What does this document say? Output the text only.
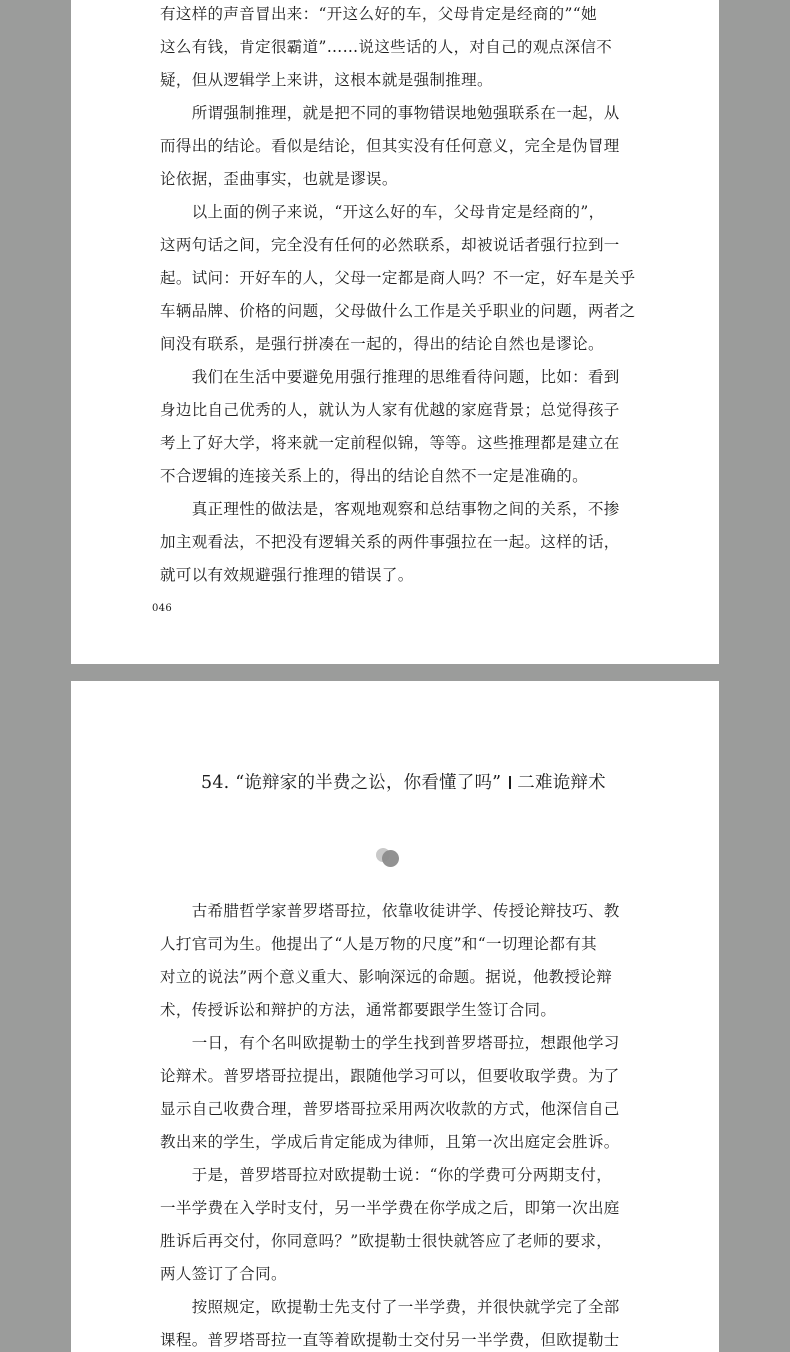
有这样的声音冒出来：“开这么好的车，父母肯定是经商的”“她
这么有钱，肯定很霸道”……说这些话的人，对自己的观点深信不
疑，但从逻辑学上来讲，这根本就是强制推理。
　　所谓强制推理，就是把不同的事物错误地勉强联系在一起，从
而得出的结论。看似是结论，但其实没有任何意义，完全是伪冒理
论依据，歪曲事实，也就是谬误。
　　以上面的例子来说，“开这么好的车，父母肯定是经商的”，
这两句话之间，完全没有任何的必然联系，却被说话者强行拉到一
起。试问：开好车的人，父母一定都是商人吗？不一定，好车是关乎
车辆品牌、价格的问题，父母做什么工作是关乎职业的问题，两者之
间没有联系，是强行拼凑在一起的，得出的结论自然也是谬论。
　　我们在生活中要避免用强行推理的思维看待问题，比如：看到
身边比自己优秀的人，就认为人家有优越的家庭背景；总觉得孩子
考上了好大学，将来就一定前程似锦，等等。这些推理都是建立在
不合逻辑的连接关系上的，得出的结论自然不一定是准确的。
　　真正理性的做法是，客观地观察和总结事物之间的关系，不掺
加主观看法，不把没有逻辑关系的两件事强拉在一起。这样的话，
就可以有效规避强行推理的错误了。
046
54. “诡辩家的半费之讼，你看懂了吗” 二难诡辩术
　　古希腊哲学家普罗塔哥拉，依靠收徒讲学、传授论辩技巧、教
人打官司为生。他提出了“人是万物的尺度”和“一切理论都有其
对立的说法”两个意义重大、影响深远的命题。据说，他教授论辩
术，传授诉讼和辩护的方法，通常都要跟学生签订合同。
　　一日，有个名叫欧提勒士的学生找到普罗塔哥拉，想跟他学习
论辩术。普罗塔哥拉提出，跟随他学习可以，但要收取学费。为了
显示自己收费合理，普罗塔哥拉采用两次收款的方式，他深信自己
教出来的学生，学成后肯定能成为律师，且第一次出庭定会胜诉。
　　于是，普罗塔哥拉对欧提勒士说：“你的学费可分两期支付，
一半学费在入学时支付，另一半学费在你学成之后，即第一次出庭
胜诉后再交付，你同意吗？”欧提勒士很快就答应了老师的要求，
两人签订了合同。
　　按照规定，欧提勒士先支付了一半学费，并很快就学完了全部
课程。普罗塔哥拉一直等着欧提勒士交付另一半学费，但欧提勒士
